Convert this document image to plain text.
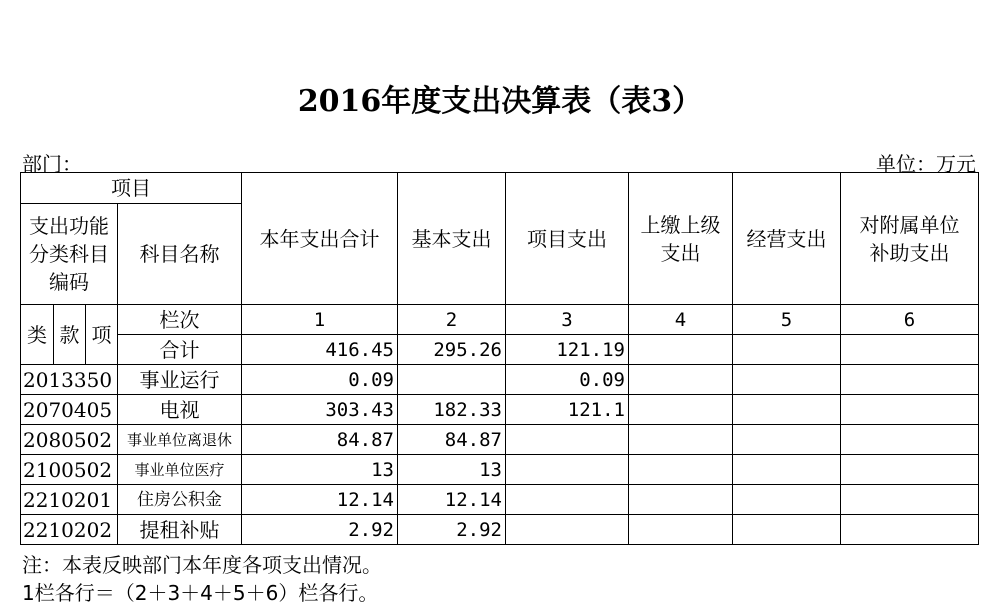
2016年度支出决算表（表3）
部门：	单位：万元
项目				本年支出合计	基本支出	项目支出	上缴上级支出	经营支出	对附属单位补助支出
支出功能分类科目编码			科目名称						
类	款	项	栏次	1	2	3	4	5	6
			合计	416.45	295.26	121.19			
2013350			事业运行	0.09		0.09			
2070405			电视	303.43	182.33	121.1			
2080502			事业单位离退休	84.87	84.87				
2100502			事业单位医疗	13	13				
2210201			住房公积金	12.14	12.14				
2210202			提租补贴	2.92	2.92				
注：本表反映部门本年度各项支出情况。
1栏各行＝（2＋3＋4＋5＋6）栏各行。
